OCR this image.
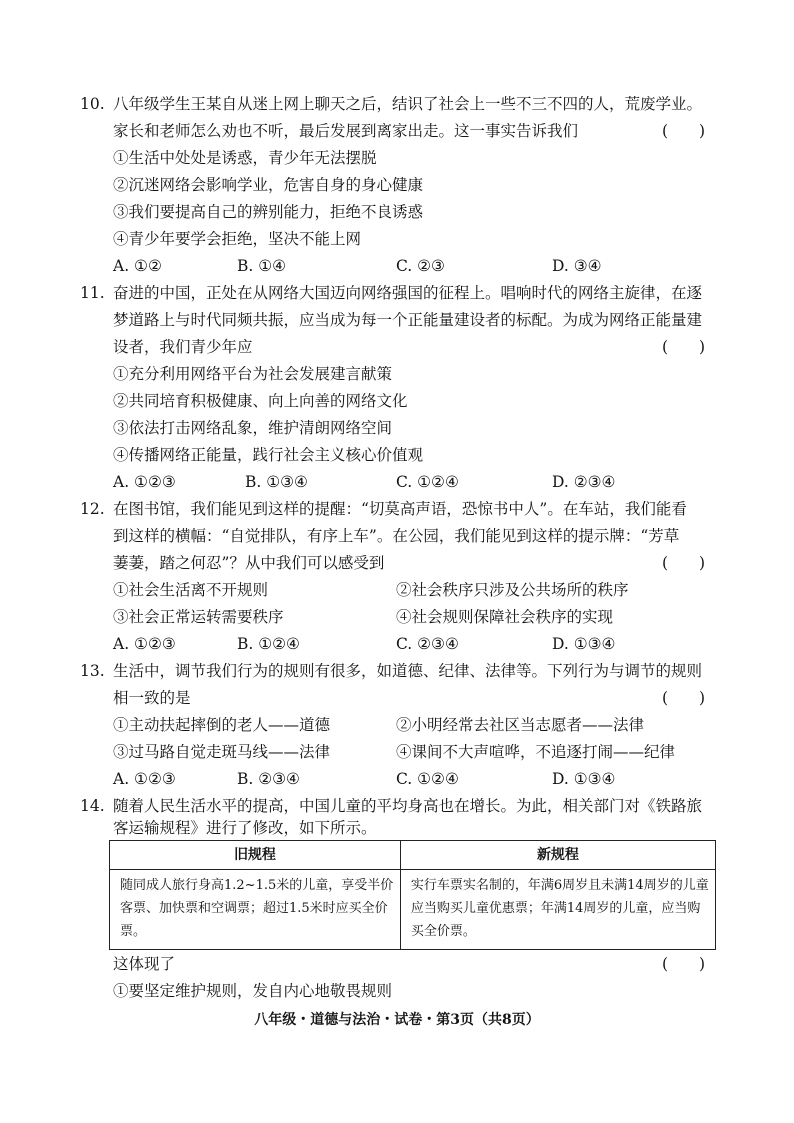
10. 八年级学生王某自从迷上网上聊天之后，结识了社会上一些不三不四的人，荒废学业。
家长和老师怎么劝也不听，最后发展到离家出走。这一事实告诉我们	(　　)
①生活中处处是诱惑，青少年无法摆脱
②沉迷网络会影响学业，危害自身的身心健康
③我们要提高自己的辨别能力，拒绝不良诱惑
④青少年要学会拒绝，坚决不能上网
A. ①②	B. ①④	C. ②③	D. ③④
11. 奋进的中国，正处在从网络大国迈向网络强国的征程上。唱响时代的网络主旋律，在逐
梦道路上与时代同频共振，应当成为每一个正能量建设者的标配。为成为网络正能量建
设者，我们青少年应	(　　)
①充分利用网络平台为社会发展建言献策
②共同培育积极健康、向上向善的网络文化
③依法打击网络乱象，维护清朗网络空间
④传播网络正能量，践行社会主义核心价值观
A. ①②③	B. ①③④	C. ①②④	D. ②③④
12. 在图书馆，我们能见到这样的提醒：“切莫高声语，恐惊书中人”。在车站，我们能看
到这样的横幅：“自觉排队，有序上车”。在公园，我们能见到这样的提示牌：“芳草
萋萋，踏之何忍”？从中我们可以感受到	(　　)
①社会生活离不开规则	②社会秩序只涉及公共场所的秩序
③社会正常运转需要秩序	④社会规则保障社会秩序的实现
A. ①②③	B. ①②④	C. ②③④	D. ①③④
13. 生活中，调节我们行为的规则有很多，如道德、纪律、法律等。下列行为与调节的规则
相一致的是	(　　)
①主动扶起摔倒的老人——道德	②小明经常去社区当志愿者——法律
③过马路自觉走斑马线——法律	④课间不大声喧哗，不追逐打闹——纪律
A. ①②③	B. ②③④	C. ①②④	D. ①③④
14. 随着人民生活水平的提高，中国儿童的平均身高也在增长。为此，相关部门对《铁路旅
客运输规程》进行了修改，如下所示。
旧规程	新规程
随同成人旅行身高1.2~1.5米的儿童，享受半价客票、加快票和空调票；超过1.5米时应买全价票。	实行车票实名制的，年满6周岁且未满14周岁的儿童应当购买儿童优惠票；年满14周岁的儿童，应当购买全价票。
这体现了	(　　)
①要坚定维护规则，发自内心地敬畏规则
八年级・道德与法治・试卷・第3页（共8页）
